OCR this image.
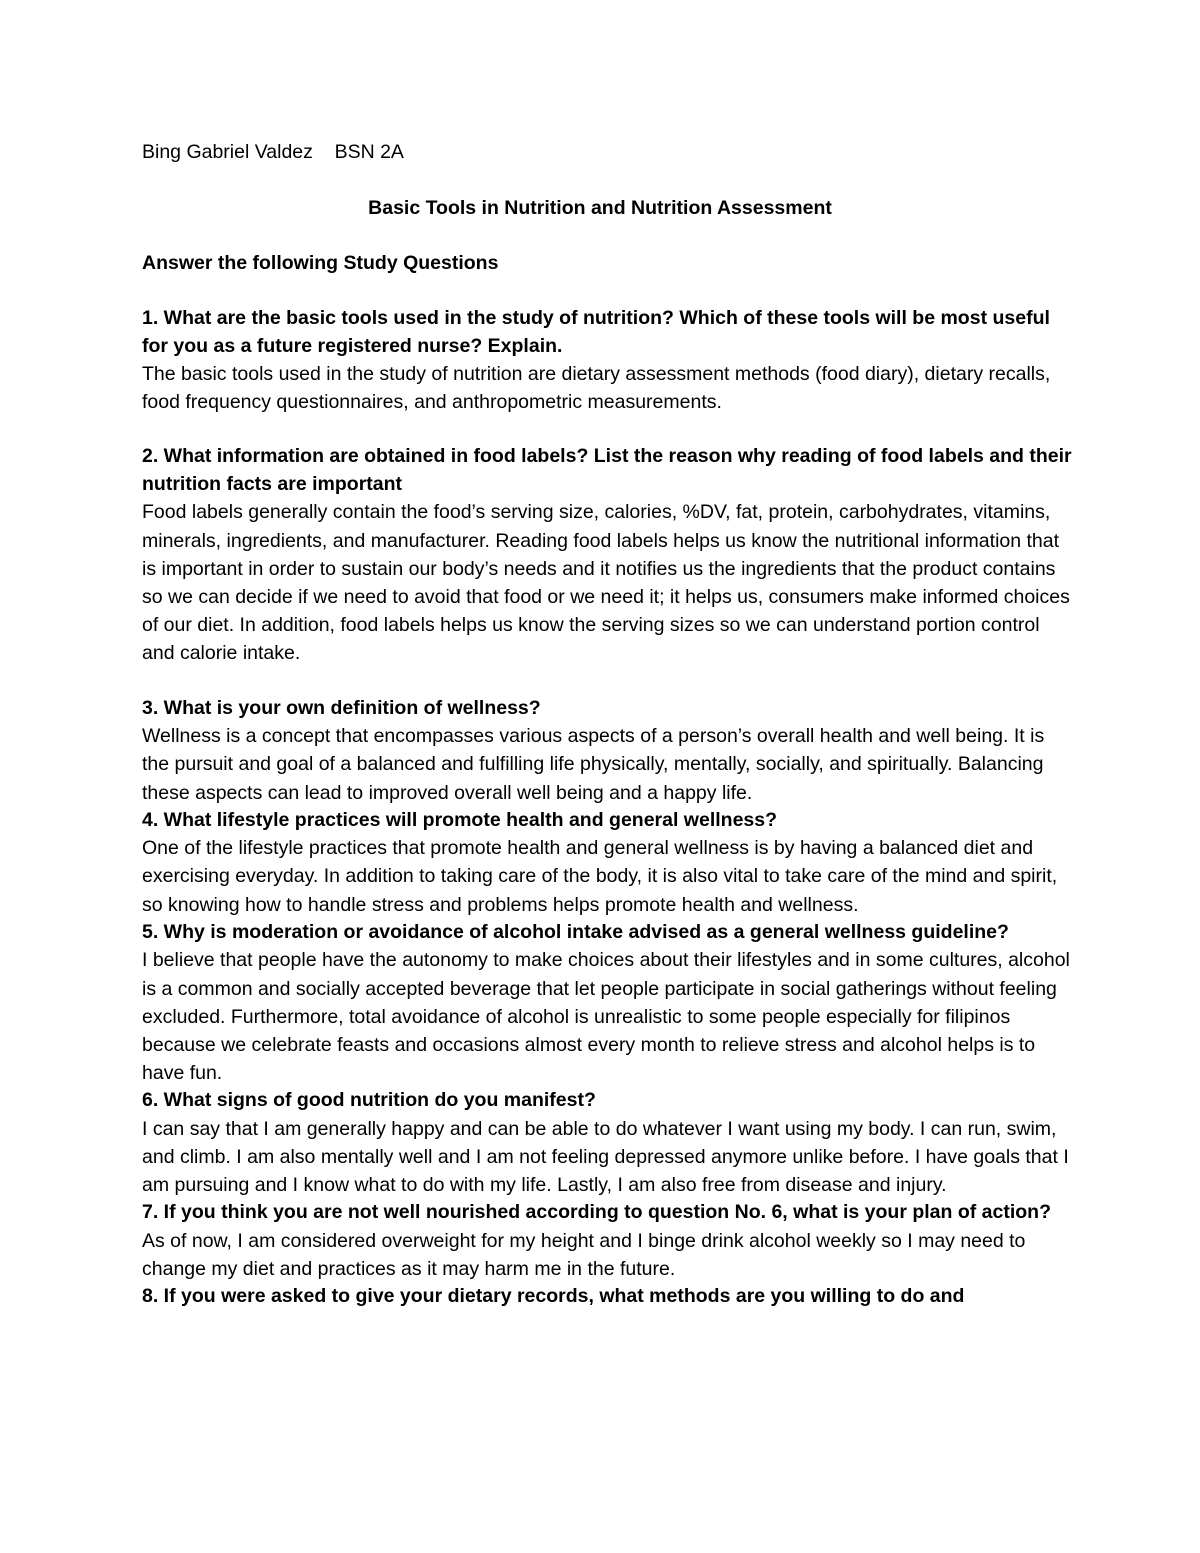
Bing Gabriel Valdez BSN 2A
Basic Tools in Nutrition and Nutrition Assessment
Answer the following Study Questions
1. What are the basic tools used in the study of nutrition? Which of these tools will be most useful for you as a future registered nurse? Explain.
The basic tools used in the study of nutrition are dietary assessment methods (food diary), dietary recalls, food frequency questionnaires, and anthropometric measurements.
2. What information are obtained in food labels? List the reason why reading of food labels and their nutrition facts are important
Food labels generally contain the food’s serving size, calories, %DV, fat, protein, carbohydrates, vitamins, minerals, ingredients, and manufacturer. Reading food labels helps us know the nutritional information that is important in order to sustain our body’s needs and it notifies us the ingredients that the product contains so we can decide if we need to avoid that food or we need it; it helps us, consumers make informed choices of our diet. In addition, food labels helps us know the serving sizes so we can understand portion control and calorie intake.
3. What is your own definition of wellness?
Wellness is a concept that encompasses various aspects of a person’s overall health and well being. It is the pursuit and goal of a balanced and fulfilling life physically, mentally, socially, and spiritually. Balancing these aspects can lead to improved overall well being and a happy life.
4. What lifestyle practices will promote health and general wellness?
One of the lifestyle practices that promote health and general wellness is by having a balanced diet and exercising everyday. In addition to taking care of the body, it is also vital to take care of the mind and spirit, so knowing how to handle stress and problems helps promote health and wellness.
5. Why is moderation or avoidance of alcohol intake advised as a general wellness guideline?
I believe that people have the autonomy to make choices about their lifestyles and in some cultures, alcohol is a common and socially accepted beverage that let people participate in social gatherings without feeling excluded. Furthermore, total avoidance of alcohol is unrealistic to some people especially for filipinos because we celebrate feasts and occasions almost every month to relieve stress and alcohol helps is to have fun.
6. What signs of good nutrition do you manifest?
I can say that I am generally happy and can be able to do whatever I want using my body. I can run, swim, and climb. I am also mentally well and I am not feeling depressed anymore unlike before. I have goals that I am pursuing and I know what to do with my life. Lastly, I am also free from disease and injury.
7. If you think you are not well nourished according to question No. 6, what is your plan of action?
As of now, I am considered overweight for my height and I binge drink alcohol weekly so I may need to change my diet and practices as it may harm me in the future.
8. If you were asked to give your dietary records, what methods are you willing to do and
